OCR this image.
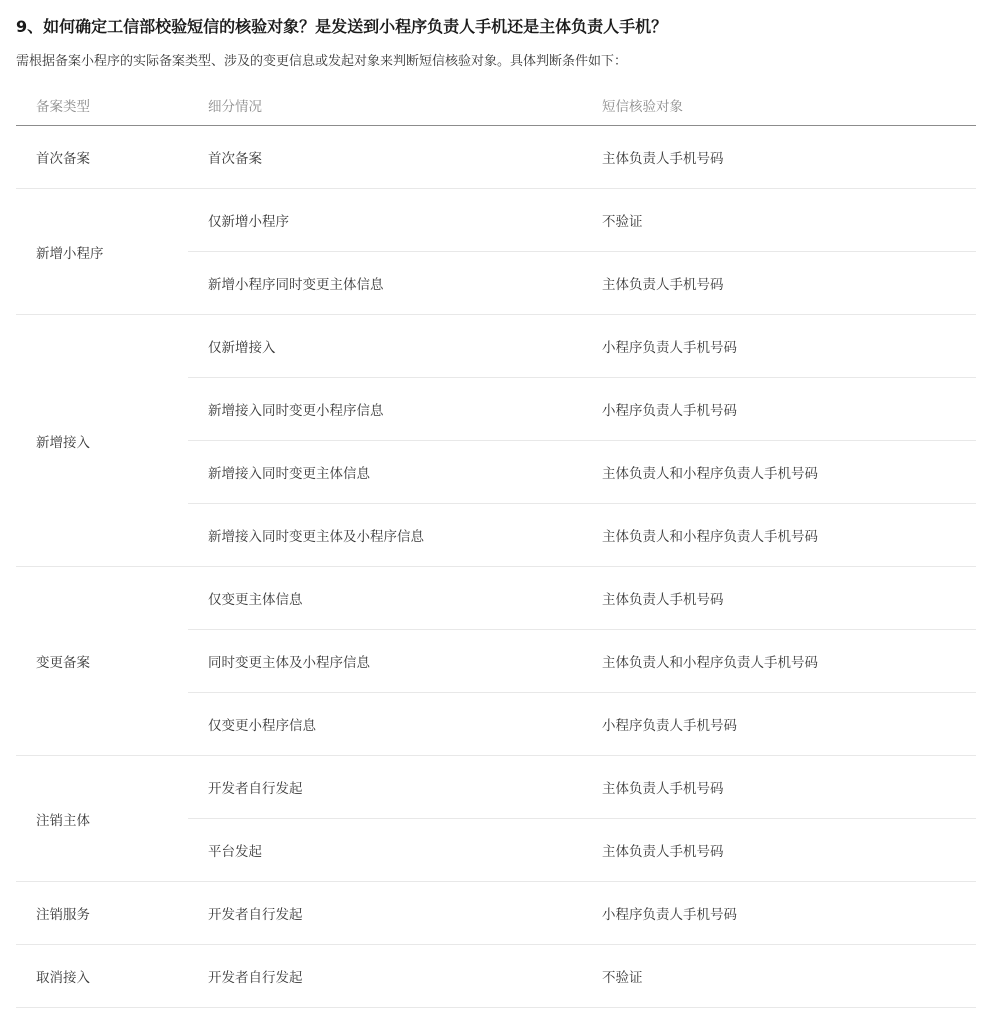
9、如何确定工信部校验短信的核验对象？是发送到小程序负责人手机还是主体负责人手机？
需根据备案小程序的实际备案类型、涉及的变更信息或发起对象来判断短信核验对象。具体判断条件如下：
备案类型	细分情况	短信核验对象
首次备案	首次备案	主体负责人手机号码
新增小程序	仅新增小程序	不验证
	新增小程序同时变更主体信息	主体负责人手机号码
新增接入	仅新增接入	小程序负责人手机号码
	新增接入同时变更小程序信息	小程序负责人手机号码
	新增接入同时变更主体信息	主体负责人和小程序负责人手机号码
	新增接入同时变更主体及小程序信息	主体负责人和小程序负责人手机号码
变更备案	仅变更主体信息	主体负责人手机号码
	同时变更主体及小程序信息	主体负责人和小程序负责人手机号码
	仅变更小程序信息	小程序负责人手机号码
注销主体	开发者自行发起	主体负责人手机号码
	平台发起	主体负责人手机号码
注销服务	开发者自行发起	小程序负责人手机号码
取消接入	开发者自行发起	不验证
